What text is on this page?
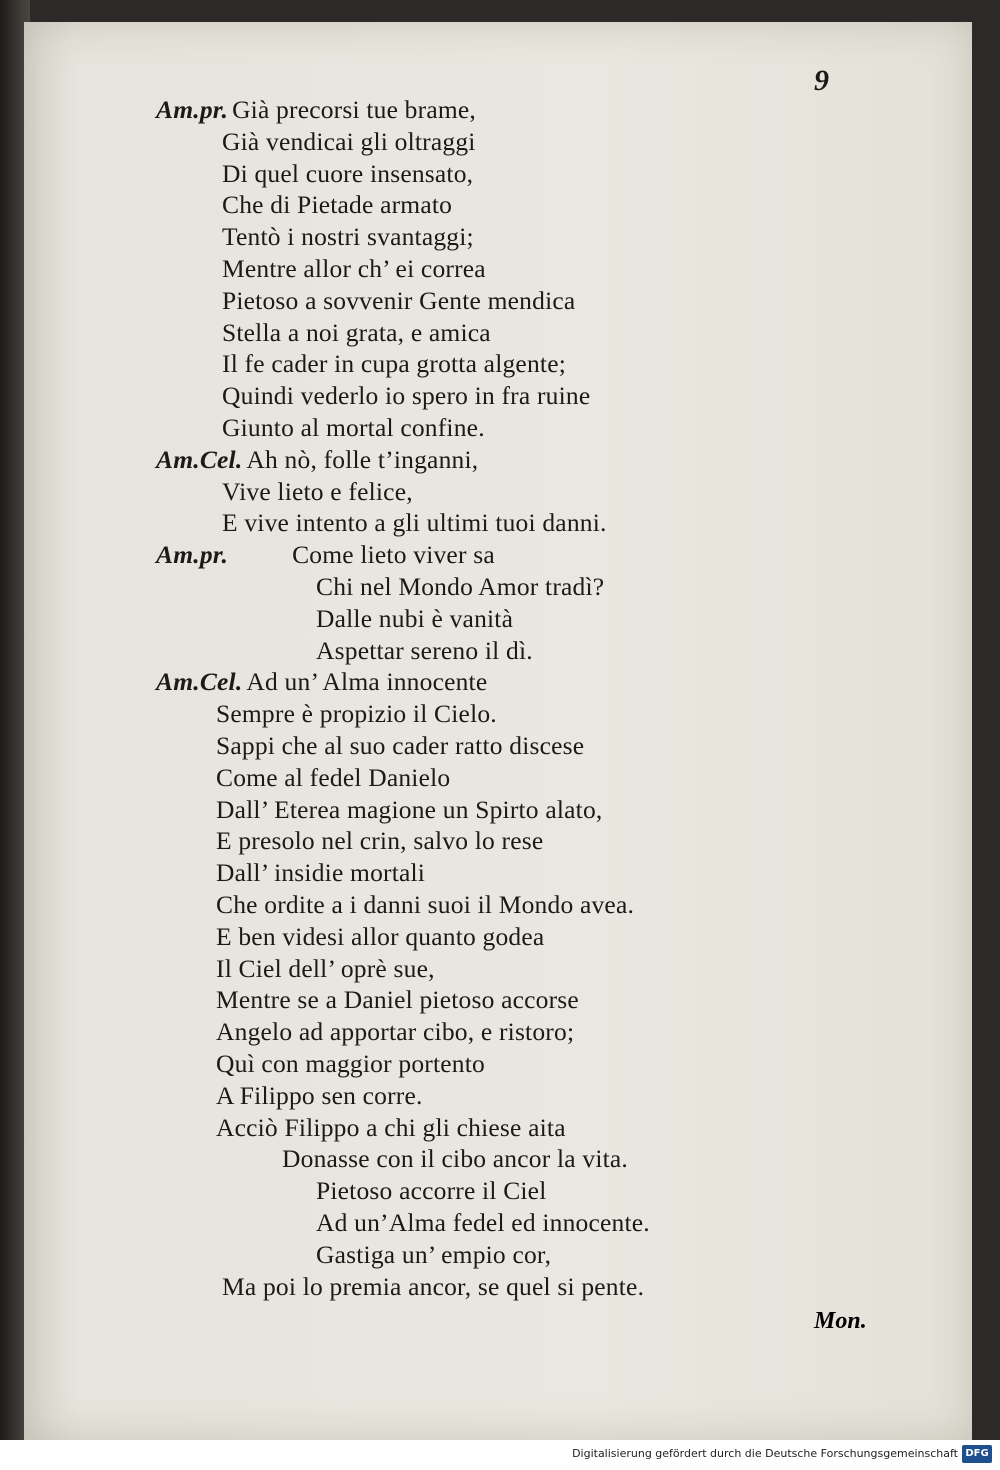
9
Am.pr. Già precorsi tue brame,
Già vendicai gli oltraggi
Di quel cuore insensato,
Che di Pietade armato
Tentò i nostri svantaggi;
Mentre allor ch’ ei correa
Pietoso a sovvenir Gente mendica
Stella a noi grata, e amica
Il fe cader in cupa grotta algente;
Quindi vederlo io spero in fra ruine
Giunto al mortal confine.
Am.Cel. Ah nò, folle t’inganni,
Vive lieto e felice,
E vive intento a gli ultimi tuoi danni.
Am.pr.	Come lieto viver sa
Chi nel Mondo Amor tradì?
Dalle nubi è vanità
Aspettar sereno il dì.
Am.Cel. Ad un’ Alma innocente
Sempre è propizio il Cielo.
Sappi che al suo cader ratto discese
Come al fedel Danielo
Dall’ Eterea magione un Spirto alato,
E presolo nel crin, salvo lo rese
Dall’ insidie mortali
Che ordite a i danni suoi il Mondo avea.
E ben videsi allor quanto godea
Il Ciel dell’ oprè sue,
Mentre se a Daniel pietoso accorse
Angelo ad apportar cibo, e ristoro;
Quì con maggior portento
A Filippo sen corre.
Acciò Filippo a chi gli chiese aita
Donasse con il cibo ancor la vita.
Pietoso accorre il Ciel
Ad un’Alma fedel ed innocente.
Gastiga un’ empio cor,
Ma poi lo premia ancor, se quel si pente.
Mon.
Digitalisierung gefördert durch die Deutsche Forschungsgemeinschaft DFG
